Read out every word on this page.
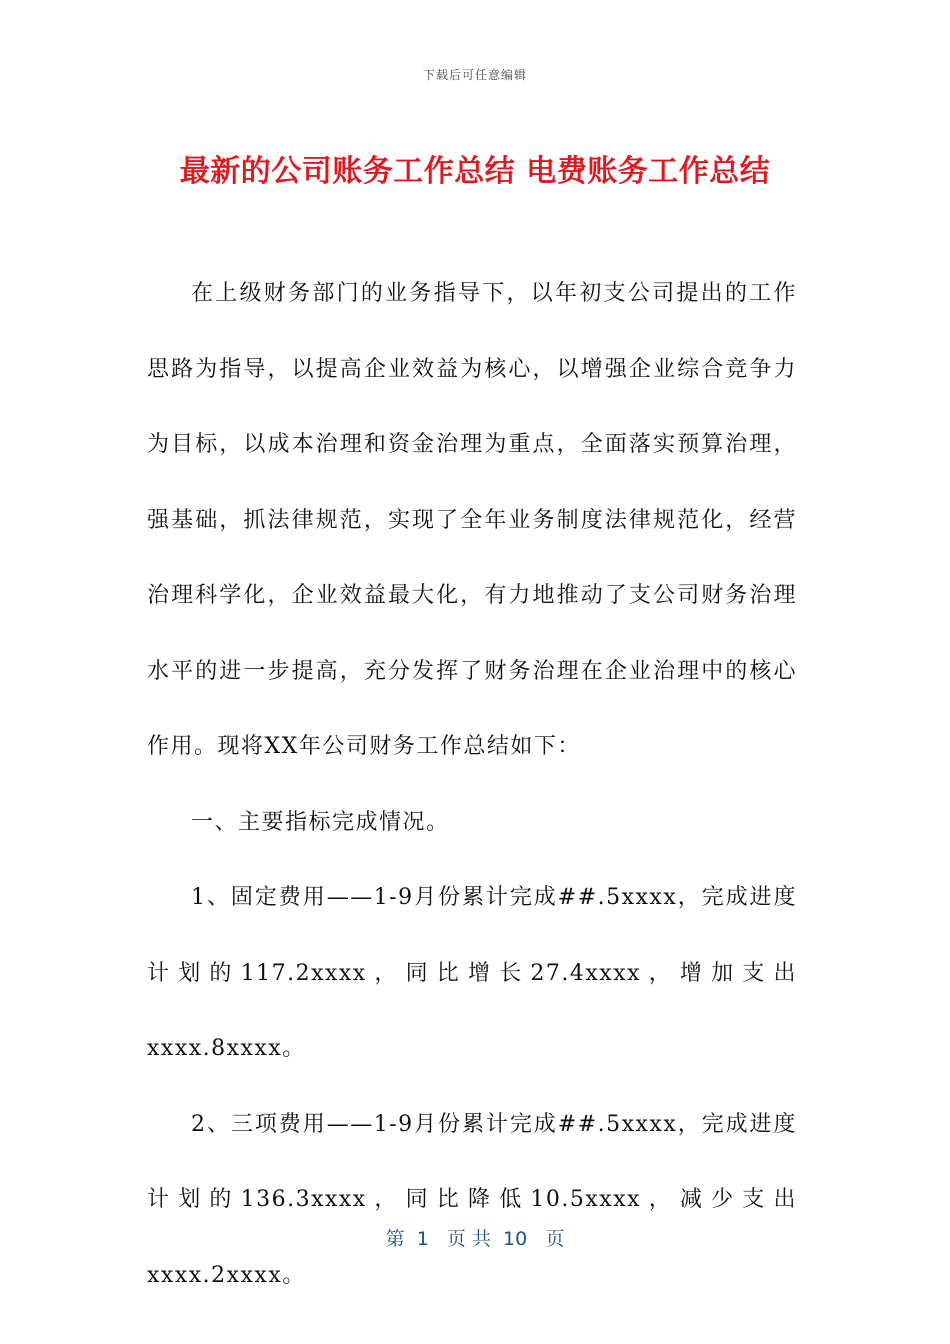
下载后可任意编辑
最新的公司账务工作总结 电费账务工作总结

在上级财务部门的业务指导下，以年初支公司提出的工作思路为指导，以提高企业效益为核心，以增强企业综合竞争力为目标，以成本治理和资金治理为重点，全面落实预算治理，强基础，抓法律规范，实现了全年业务制度法律规范化，经营治理科学化，企业效益最大化，有力地推动了支公司财务治理水平的进一步提高，充分发挥了财务治理在企业治理中的核心作用。现将XX年公司财务工作总结如下：

一、主要指标完成情况。

1、固定费用——1-9月份累计完成##.5xxxx，完成进度计划的117.2xxxx，同比增长27.4xxxx，增加支出xxxx.8xxxx。

2、三项费用——1-9月份累计完成##.5xxxx，完成进度计划的136.3xxxx，同比降低10.5xxxx，减少支出xxxx.2xxxx。

第  1   页 共  10   页
